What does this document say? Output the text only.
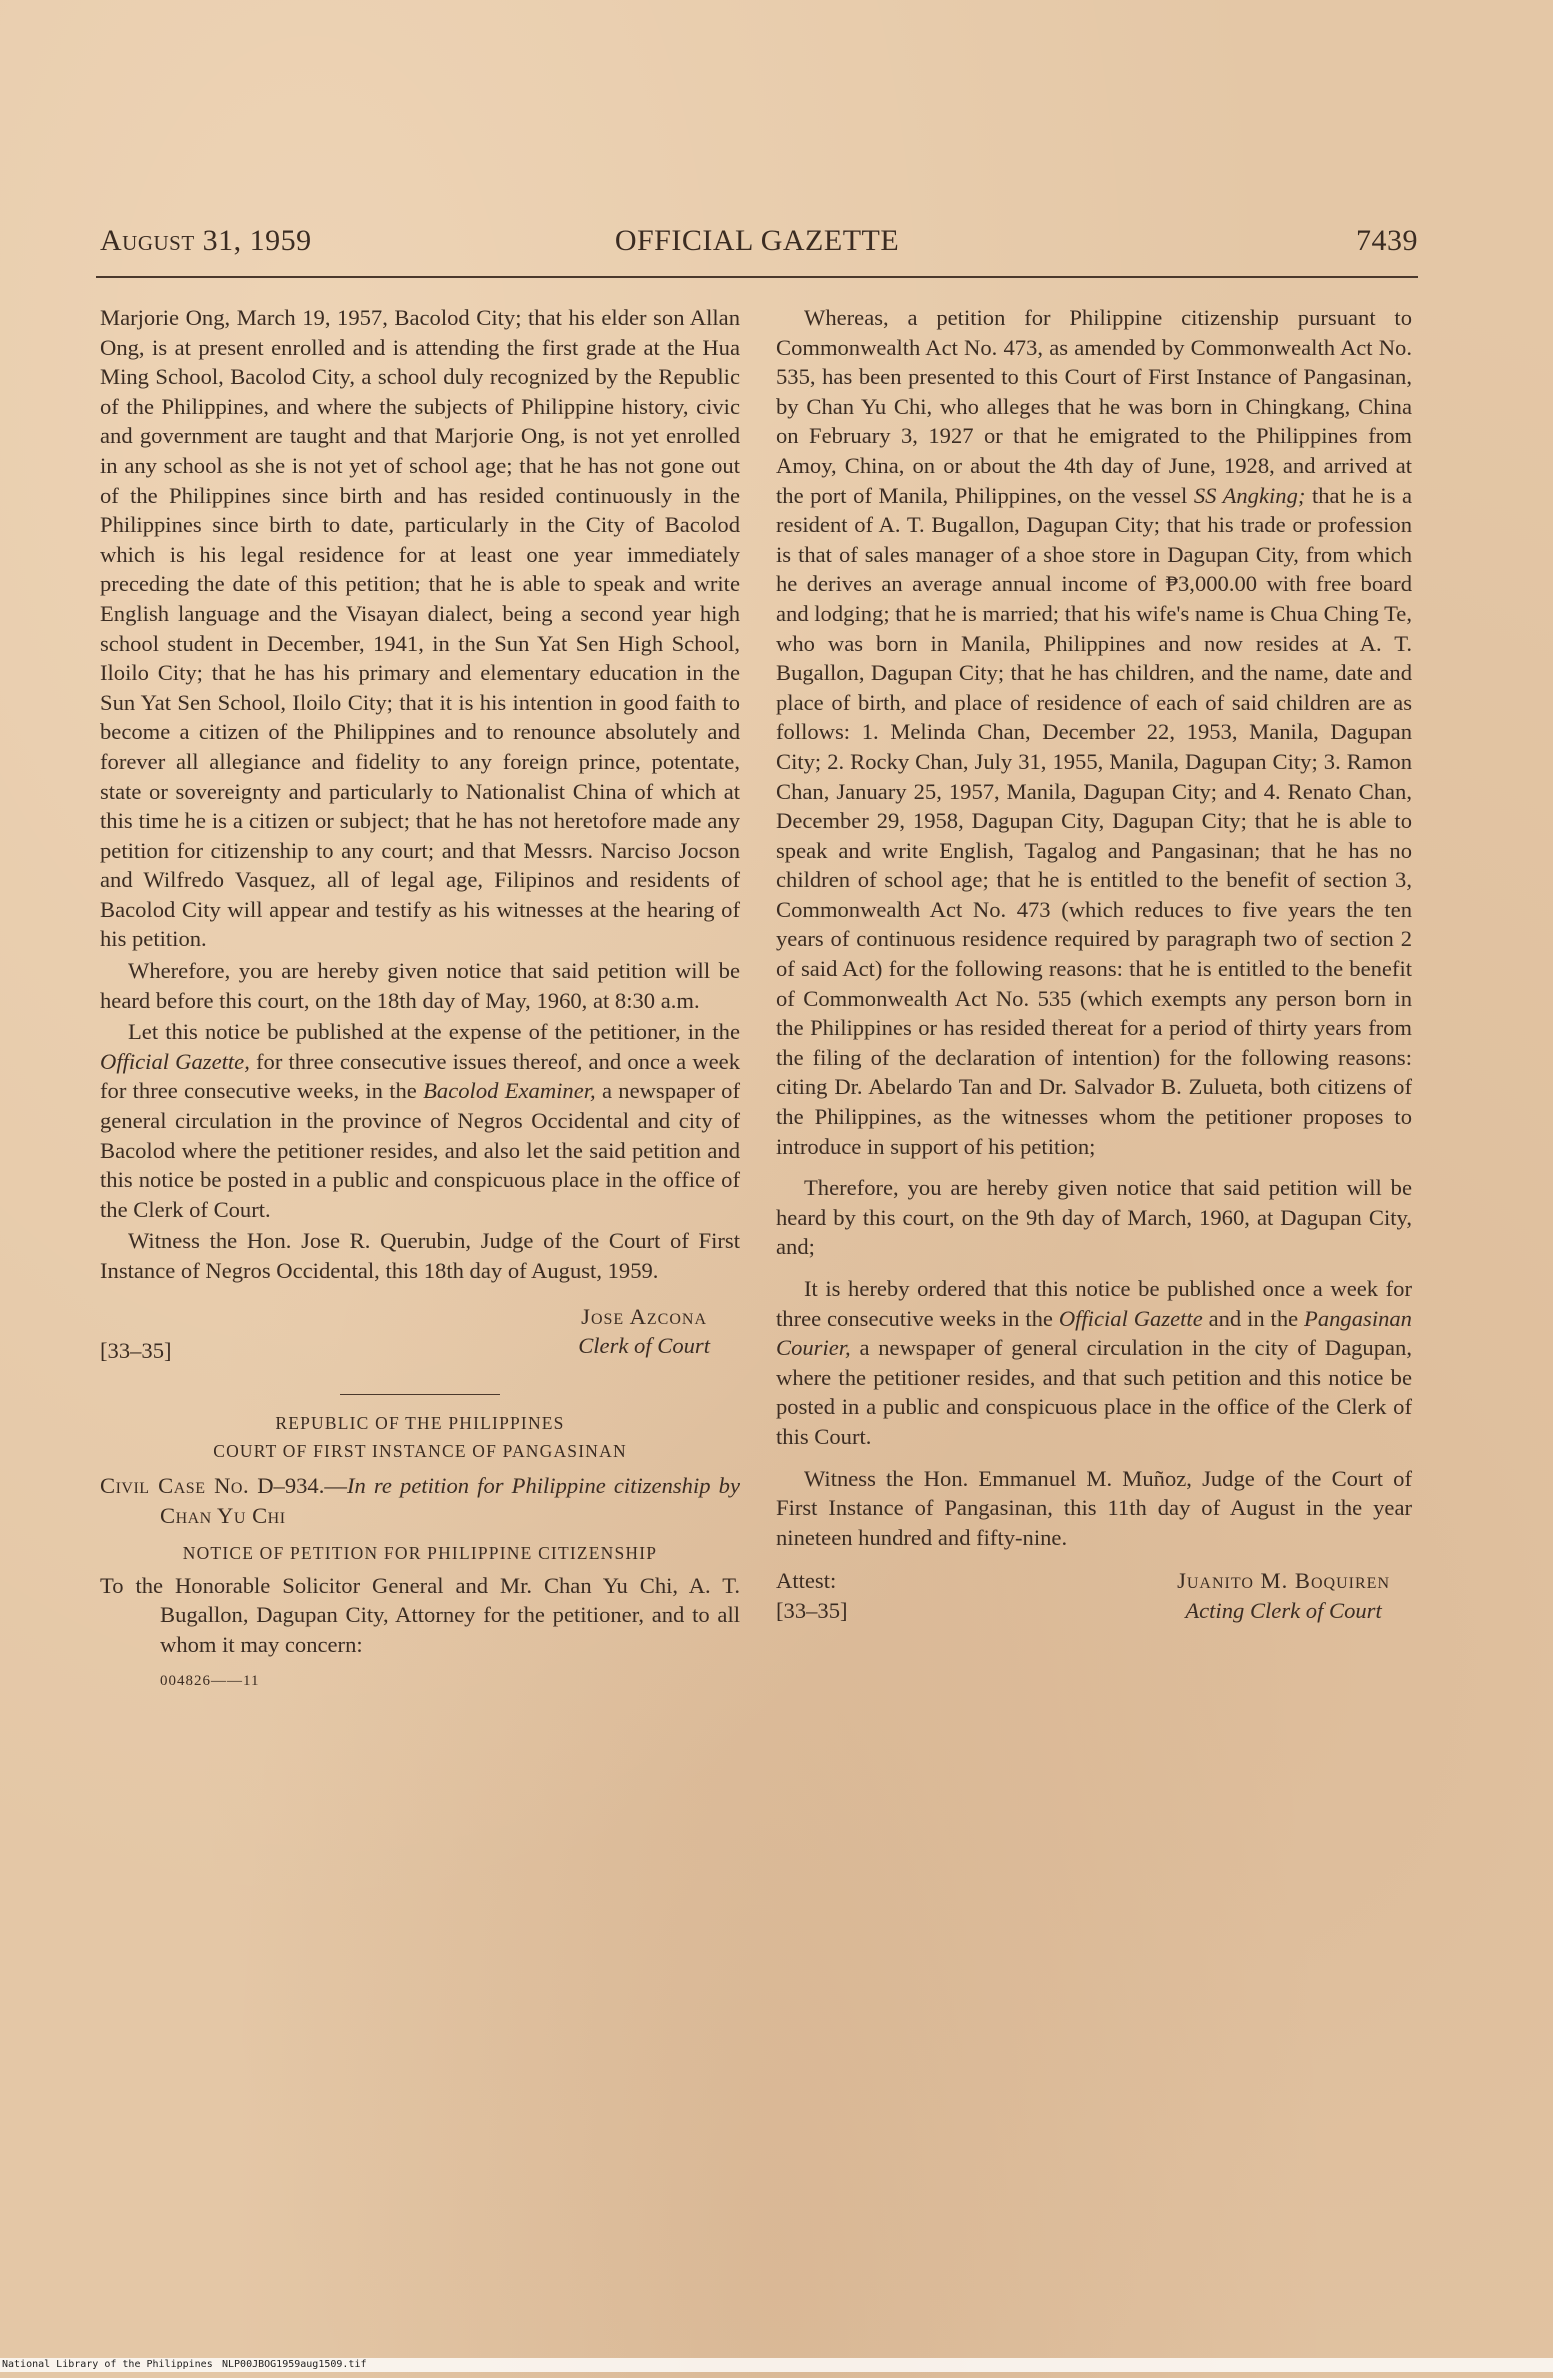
August 31, 1959	OFFICIAL GAZETTE	7439

Marjorie Ong, March 19, 1957, Bacolod City; that his elder son Allan Ong, is at present enrolled and is attending the first grade at the Hua Ming School, Bacolod City, a school duly recognized by the Republic of the Philippines, and where the subjects of Philippine history, civic and government are taught and that Marjorie Ong, is not yet enrolled in any school as she is not yet of school age; that he has not gone out of the Philippines since birth and has resided continuously in the Philippines since birth to date, particularly in the City of Bacolod which is his legal residence for at least one year immediately preceding the date of this petition; that he is able to speak and write English language and the Visayan dialect, being a second year high school student in December, 1941, in the Sun Yat Sen High School, Iloilo City; that he has his primary and elementary education in the Sun Yat Sen School, Iloilo City; that it is his intention in good faith to become a citizen of the Philippines and to renounce absolutely and forever all allegiance and fidelity to any foreign prince, potentate, state or sovereignty and particularly to Nationalist China of which at this time he is a citizen or subject; that he has not heretofore made any petition for citizenship to any court; and that Messrs. Narciso Jocson and Wilfredo Vasquez, all of legal age, Filipinos and residents of Bacolod City will appear and testify as his witnesses at the hearing of his petition.

Wherefore, you are hereby given notice that said petition will be heard before this court, on the 18th day of May, 1960, at 8:30 a.m.

Let this notice be published at the expense of the petitioner, in the Official Gazette, for three consecutive issues thereof, and once a week for three consecutive weeks, in the Bacolod Examiner, a newspaper of general circulation in the province of Negros Occidental and city of Bacolod where the petitioner resides, and also let the said petition and this notice be posted in a public and conspicuous place in the office of the Clerk of Court.

Witness the Hon. Jose R. Querubin, Judge of the Court of First Instance of Negros Occidental, this 18th day of August, 1959.

[33–35]
Jose Azcona
Clerk of Court
REPUBLIC OF THE PHILIPPINES
COURT OF FIRST INSTANCE OF PANGASINAN
Civil Case No. D–934.—In re petition for Philippine citizenship by Chan Yu Chi
NOTICE OF PETITION FOR PHILIPPINE CITIZENSHIP
To the Honorable Solicitor General and Mr. Chan Yu Chi, A. T. Bugallon, Dagupan City, Attorney for the petitioner, and to all whom it may concern:
004826——11

Whereas, a petition for Philippine citizenship pursuant to Commonwealth Act No. 473, as amended by Commonwealth Act No. 535, has been presented to this Court of First Instance of Pangasinan, by Chan Yu Chi, who alleges that he was born in Chingkang, China on February 3, 1927 or that he emigrated to the Philippines from Amoy, China, on or about the 4th day of June, 1928, and arrived at the port of Manila, Philippines, on the vessel SS Angking; that he is a resident of A. T. Bugallon, Dagupan City; that his trade or profession is that of sales manager of a shoe store in Dagupan City, from which he derives an average annual income of ₱3,000.00 with free board and lodging; that he is married; that his wife's name is Chua Ching Te, who was born in Manila, Philippines and now resides at A. T. Bugallon, Dagupan City; that he has children, and the name, date and place of birth, and place of residence of each of said children are as follows: 1. Melinda Chan, December 22, 1953, Manila, Dagupan City; 2. Rocky Chan, July 31, 1955, Manila, Dagupan City; 3. Ramon Chan, January 25, 1957, Manila, Dagupan City; and 4. Renato Chan, December 29, 1958, Dagupan City, Dagupan City; that he is able to speak and write English, Tagalog and Pangasinan; that he has no children of school age; that he is entitled to the benefit of section 3, Commonwealth Act No. 473 (which reduces to five years the ten years of continuous residence required by paragraph two of section 2 of said Act) for the following reasons: that he is entitled to the benefit of Commonwealth Act No. 535 (which exempts any person born in the Philippines or has resided thereat for a period of thirty years from the filing of the declaration of intention) for the following reasons: citing Dr. Abelardo Tan and Dr. Salvador B. Zulueta, both citizens of the Philippines, as the witnesses whom the petitioner proposes to introduce in support of his petition;

Therefore, you are hereby given notice that said petition will be heard by this court, on the 9th day of March, 1960, at Dagupan City, and;

It is hereby ordered that this notice be published once a week for three consecutive weeks in the Official Gazette and in the Pangasinan Courier, a newspaper of general circulation in the city of Dagupan, where the petitioner resides, and that such petition and this notice be posted in a public and conspicuous place in the office of the Clerk of this Court.

Witness the Hon. Emmanuel M. Muñoz, Judge of the Court of First Instance of Pangasinan, this 11th day of August in the year nineteen hundred and fifty-nine.

Attest:
[33–35]
Juanito M. Boquiren
Acting Clerk of Court
National Library of the Philippines NLP00JBOG1959aug1509.tif
